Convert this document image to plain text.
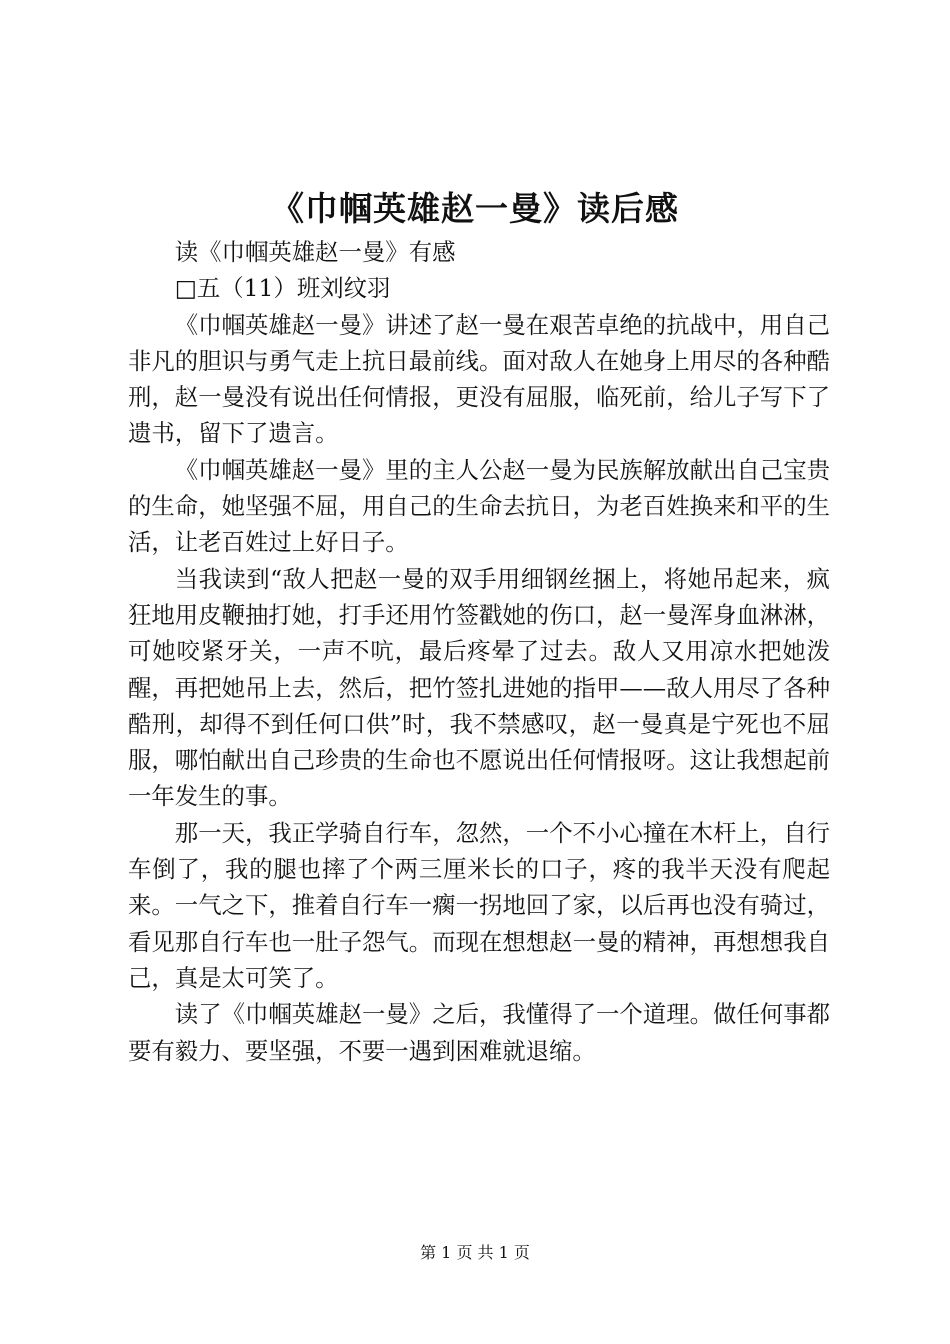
《巾帼英雄赵一曼》读后感

读《巾帼英雄赵一曼》有感

□五（11）班刘纹羽

《巾帼英雄赵一曼》讲述了赵一曼在艰苦卓绝的抗战中，用自己非凡的胆识与勇气走上抗日最前线。面对敌人在她身上用尽的各种酷刑，赵一曼没有说出任何情报，更没有屈服，临死前，给儿子写下了遗书，留下了遗言。

《巾帼英雄赵一曼》里的主人公赵一曼为民族解放献出自己宝贵的生命，她坚强不屈，用自己的生命去抗日，为老百姓换来和平的生活，让老百姓过上好日子。

当我读到“敌人把赵一曼的双手用细钢丝捆上，将她吊起来，疯狂地用皮鞭抽打她，打手还用竹签戳她的伤口，赵一曼浑身血淋淋，可她咬紧牙关，一声不吭，最后疼晕了过去。敌人又用凉水把她泼醒，再把她吊上去，然后，把竹签扎进她的指甲——敌人用尽了各种酷刑，却得不到任何口供”时，我不禁感叹，赵一曼真是宁死也不屈服，哪怕献出自己珍贵的生命也不愿说出任何情报呀。这让我想起前一年发生的事。

那一天，我正学骑自行车，忽然，一个不小心撞在木杆上，自行车倒了，我的腿也摔了个两三厘米长的口子，疼的我半天没有爬起来。一气之下，推着自行车一瘸一拐地回了家，以后再也没有骑过，看见那自行车也一肚子怨气。而现在想想赵一曼的精神，再想想我自己，真是太可笑了。

读了《巾帼英雄赵一曼》之后，我懂得了一个道理。做任何事都要有毅力、要坚强，不要一遇到困难就退缩。

第 1 页 共 1 页
